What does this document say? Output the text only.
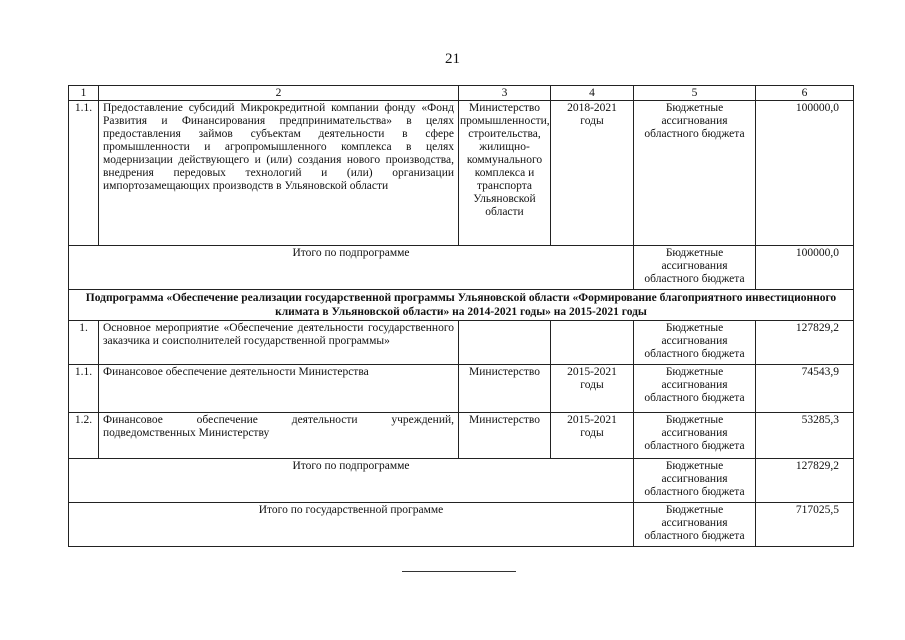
21
1	2	3	4	5	6
1.1.	Предоставление субсидий Микрокредитной компании фонду «Фонд Развития и Финансирования предпринимательства» в целях предоставления займов субъектам деятельности в сфере промышленности и агропромышленного комплекса в целях модернизации действующего и (или) создания нового производства, внедрения передовых технологий и (или) организации импортозамещающих производств в Ульяновской области	Министерство промышленности, строительства, жилищно-коммунального комплекса и транспорта Ульяновской области	2018-2021 годы	Бюджетные ассигнования областного бюджета	100000,0
Итого по подпрограмме				Бюджетные ассигнования областного бюджета	100000,0
Подпрограмма «Обеспечение реализации государственной программы Ульяновской области «Формирование благоприятного инвестиционного климата в Ульяновской области» на 2014-2021 годы» на 2015-2021 годы					
1.	Основное мероприятие «Обеспечение деятельности государственного заказчика и соисполнителей государственной программы»			Бюджетные ассигнования областного бюджета	127829,2
1.1.	Финансовое обеспечение деятельности Министерства	Министерство	2015-2021 годы	Бюджетные ассигнования областного бюджета	74543,9
1.2.	Финансовое обеспечение деятельности учреждений, подведомственных Министерству	Министерство	2015-2021 годы	Бюджетные ассигнования областного бюджета	53285,3
Итого по подпрограмме				Бюджетные ассигнования областного бюджета	127829,2
Итого по государственной программе				Бюджетные ассигнования областного бюджета	717025,5
